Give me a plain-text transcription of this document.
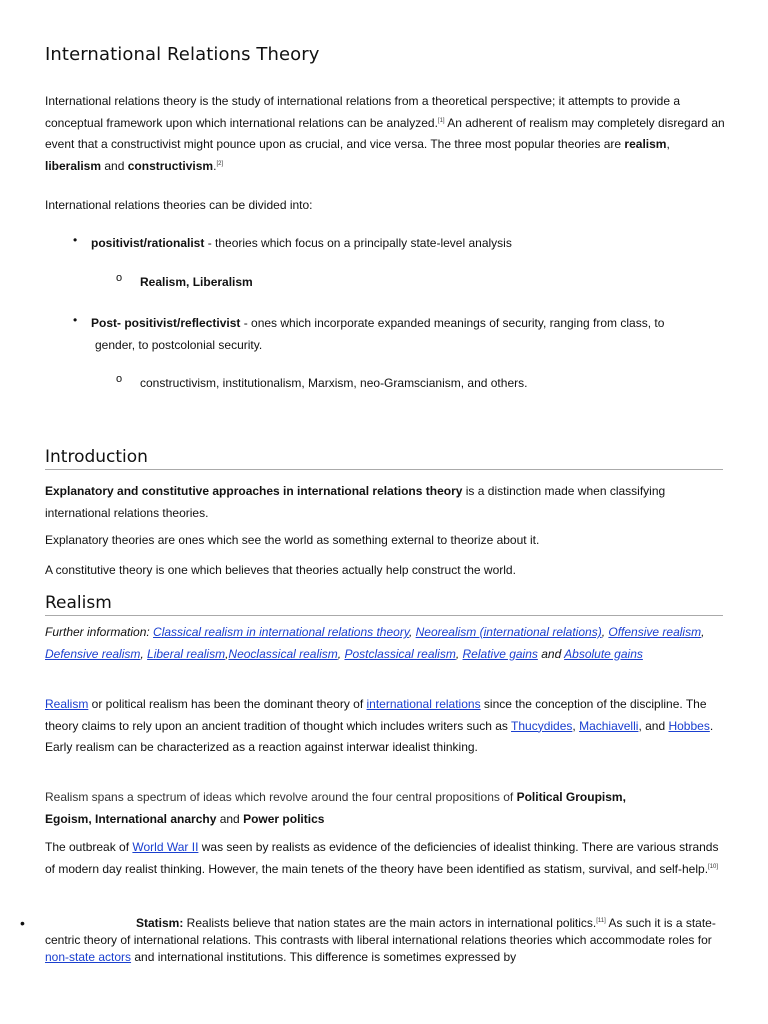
International Relations Theory

International relations theory is the study of international relations from a theoretical perspective; it attempts to provide a conceptual framework upon which international relations can be analyzed.[1] An adherent of realism may completely disregard an event that a constructivist might pounce upon as crucial, and vice versa. The three most popular theories are realism, liberalism and constructivism.[2]

International relations theories can be divided into:

• positivist/rationalist - theories which focus on a principally state-level analysis

o Realism, Liberalism

• Post- positivist/reflectivist - ones which incorporate expanded meanings of security, ranging from class, to

gender, to postcolonial security.

o constructivism, institutionalism, Marxism, neo-Gramscianism, and others.

Introduction

Explanatory and constitutive approaches in international relations theory is a distinction made when classifying international relations theories.

Explanatory theories are ones which see the world as something external to theorize about it.

A constitutive theory is one which believes that theories actually help construct the world.

Realism

Further information: Classical realism in international relations theory, Neorealism (international relations), Offensive realism, Defensive realism, Liberal realism,Neoclassical realism, Postclassical realism, Relative gains and Absolute gains

Realism or political realism has been the dominant theory of international relations since the conception of the discipline. The theory claims to rely upon an ancient tradition of thought which includes writers such as Thucydides, Machiavelli, and Hobbes. Early realism can be characterized as a reaction against interwar idealist thinking.

Realism spans a spectrum of ideas which revolve around the four central propositions of Political Groupism, Egoism, International anarchy and Power politics

The outbreak of World War II was seen by realists as evidence of the deficiencies of idealist thinking. There are various strands of modern day realist thinking. However, the main tenets of the theory have been identified as statism, survival, and self-help.[10]

•	Statism: Realists believe that nation states are the main actors in international politics.[11] As such it is a state-centric theory of international relations. This contrasts with liberal international relations theories which accommodate roles for non-state actors and international institutions. This difference is sometimes expressed by
